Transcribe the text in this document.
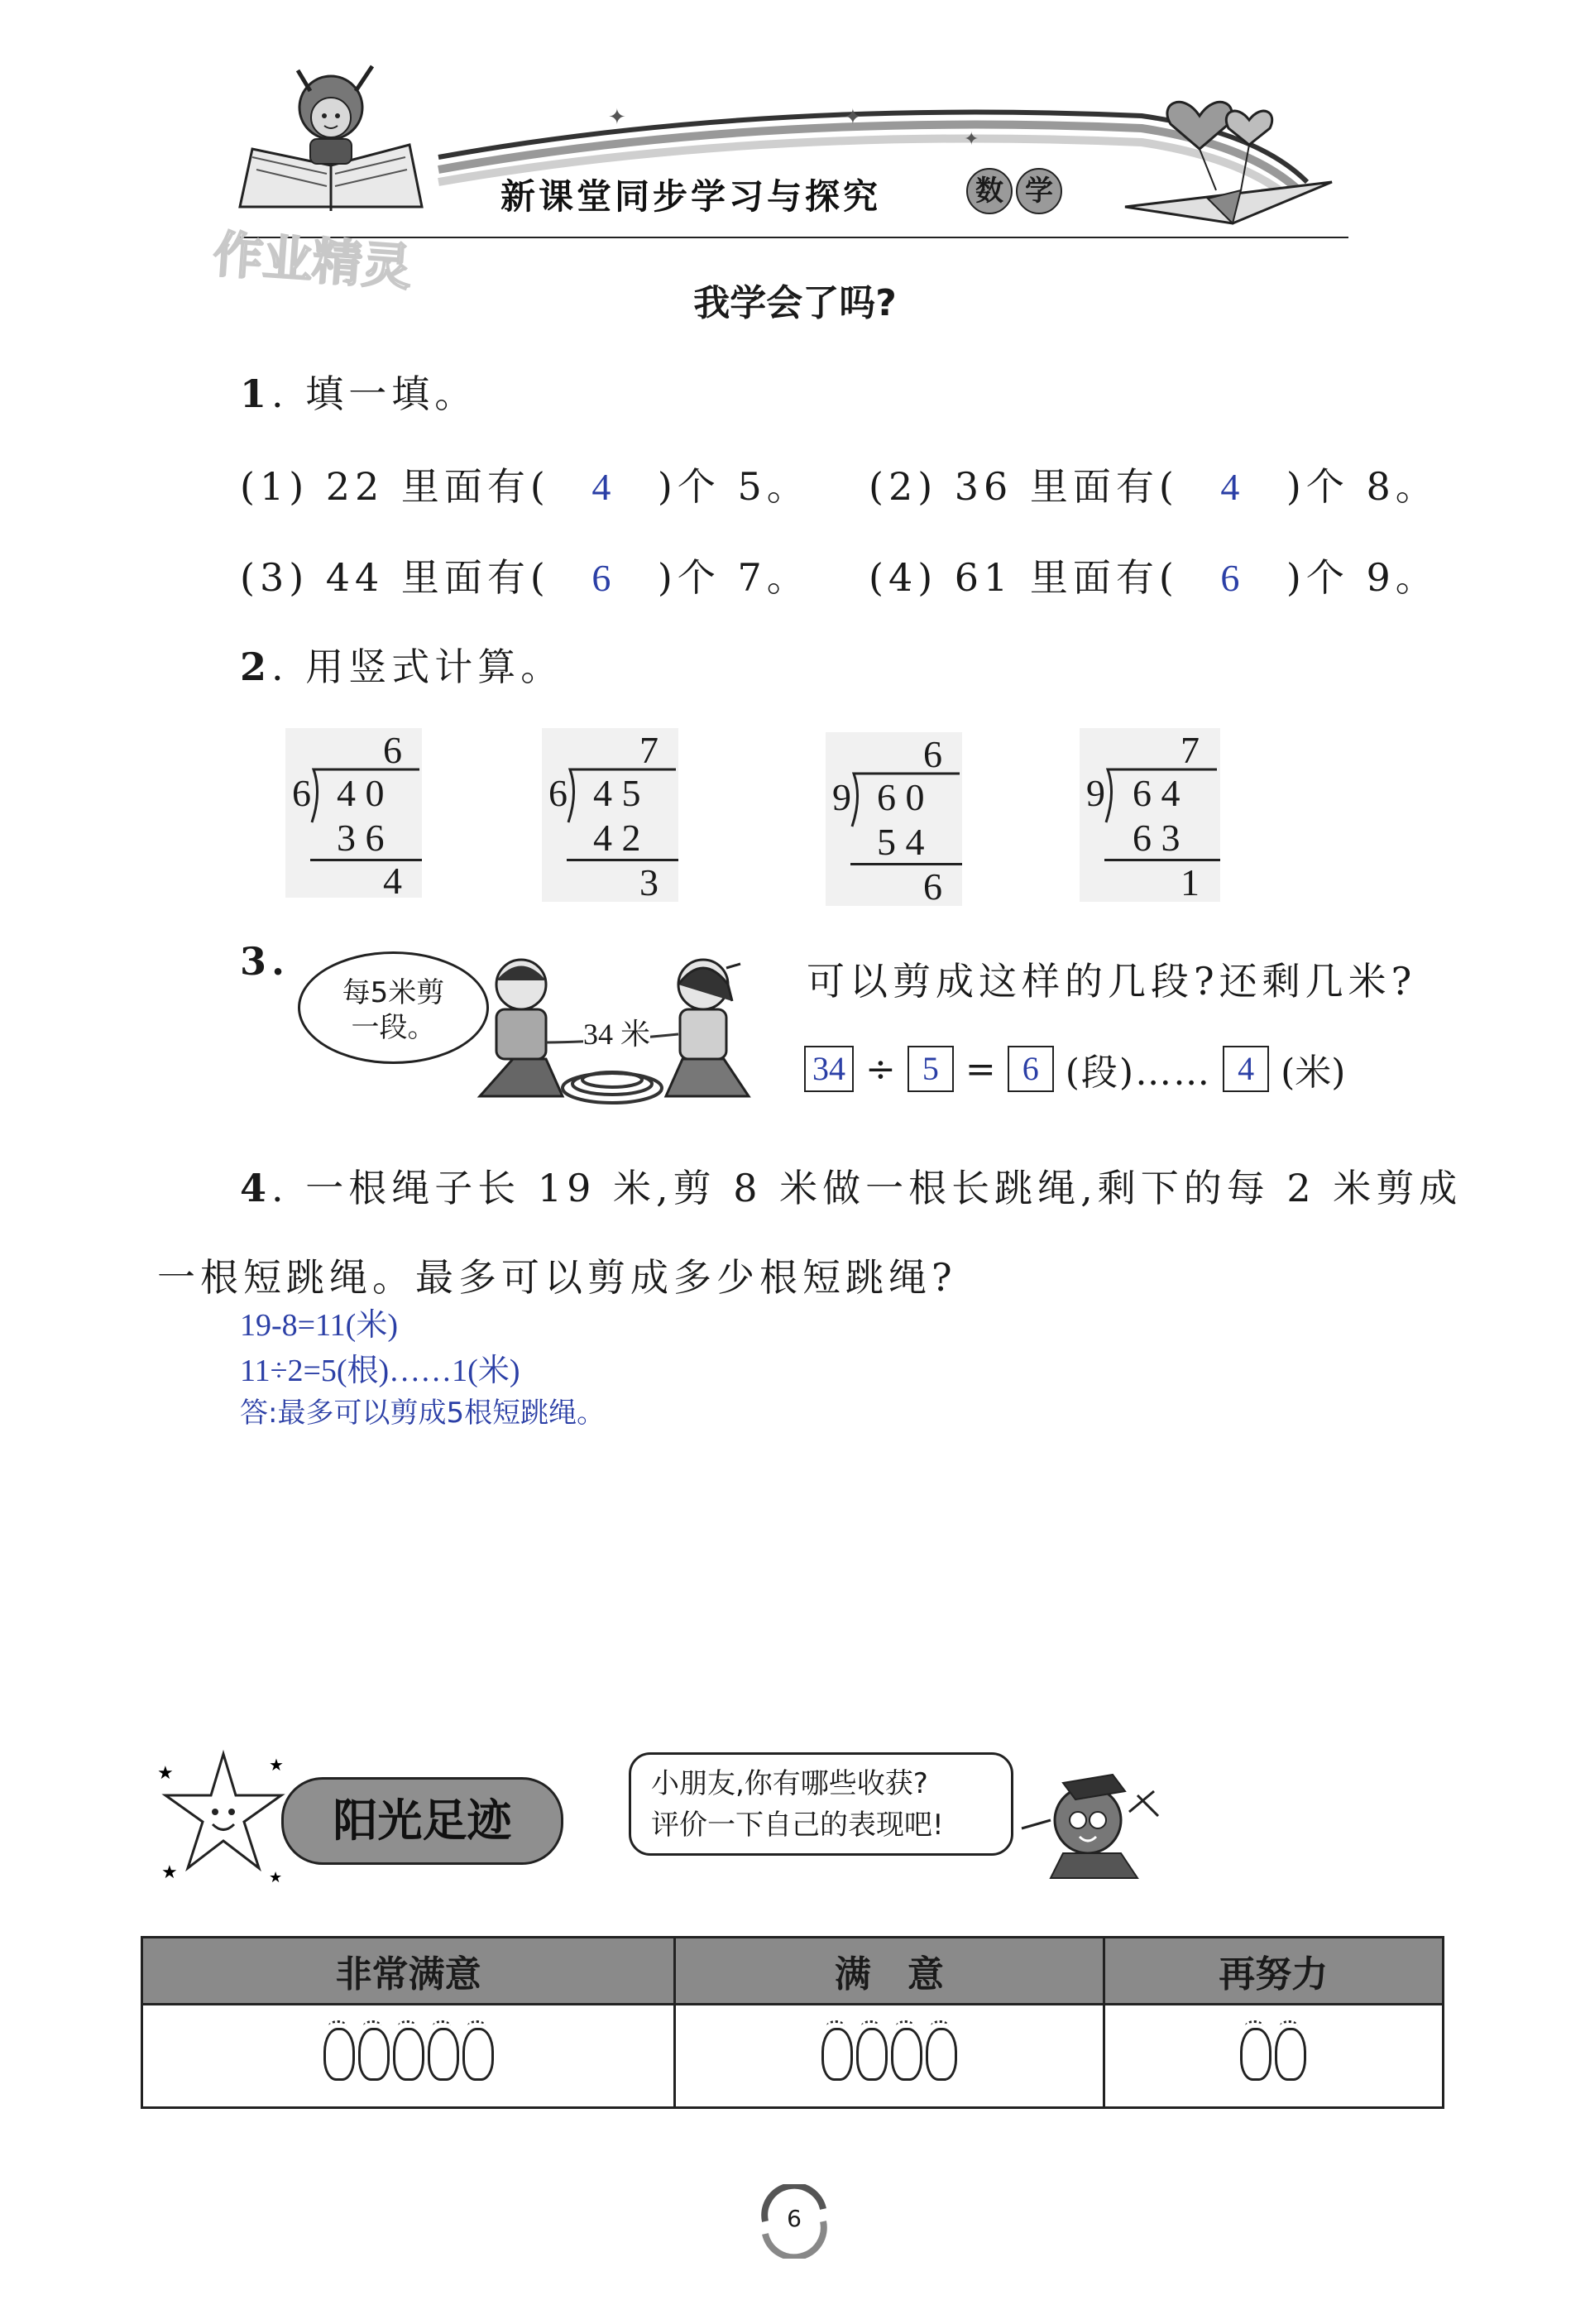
✦	✦
✦
新课堂同步学习与探究	数 学
作业精灵
我学会了吗?
1. 填一填。
(1) 22 里面有( 4 )个 5。 (2) 36 里面有( 4 )个 8。
(3) 44 里面有( 6 )个 7。 (4) 61 里面有( 6 )个 9。
2. 用竖式计算。
6
6 4 0
3 6
4
7
6 4 5
4 2
3
6
9 6 0
5 4
6
7
9 6 4
6 3
1
3.
每5米剪
一段。	34 米
可以剪成这样的几段?还剩几米?
34 ÷ 5 = 6 (段)…… 4 (米)
4. 一根绳子长 19 米,剪 8 米做一根长跳绳,剩下的每 2 米剪成
一根短跳绳。最多可以剪成多少根短跳绳?
19-8=11(米)
11÷2=5(根)……1(米)
答:最多可以剪成5根短跳绳。
★	★
★	★
阳光足迹
小朋友,你有哪些收获?
评价一下自己的表现吧!
非常满意	满　意	再努力

6
